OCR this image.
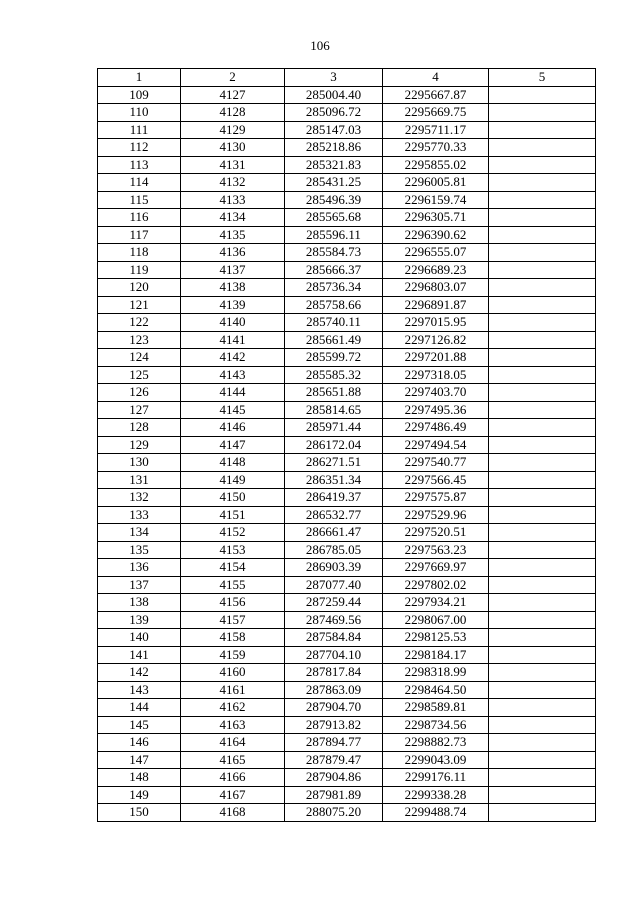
106
1	2	3	4	5
109	4127	285004.40	2295667.87	
110	4128	285096.72	2295669.75	
111	4129	285147.03	2295711.17	
112	4130	285218.86	2295770.33	
113	4131	285321.83	2295855.02	
114	4132	285431.25	2296005.81	
115	4133	285496.39	2296159.74	
116	4134	285565.68	2296305.71	
117	4135	285596.11	2296390.62	
118	4136	285584.73	2296555.07	
119	4137	285666.37	2296689.23	
120	4138	285736.34	2296803.07	
121	4139	285758.66	2296891.87	
122	4140	285740.11	2297015.95	
123	4141	285661.49	2297126.82	
124	4142	285599.72	2297201.88	
125	4143	285585.32	2297318.05	
126	4144	285651.88	2297403.70	
127	4145	285814.65	2297495.36	
128	4146	285971.44	2297486.49	
129	4147	286172.04	2297494.54	
130	4148	286271.51	2297540.77	
131	4149	286351.34	2297566.45	
132	4150	286419.37	2297575.87	
133	4151	286532.77	2297529.96	
134	4152	286661.47	2297520.51	
135	4153	286785.05	2297563.23	
136	4154	286903.39	2297669.97	
137	4155	287077.40	2297802.02	
138	4156	287259.44	2297934.21	
139	4157	287469.56	2298067.00	
140	4158	287584.84	2298125.53	
141	4159	287704.10	2298184.17	
142	4160	287817.84	2298318.99	
143	4161	287863.09	2298464.50	
144	4162	287904.70	2298589.81	
145	4163	287913.82	2298734.56	
146	4164	287894.77	2298882.73	
147	4165	287879.47	2299043.09	
148	4166	287904.86	2299176.11	
149	4167	287981.89	2299338.28	
150	4168	288075.20	2299488.74	
